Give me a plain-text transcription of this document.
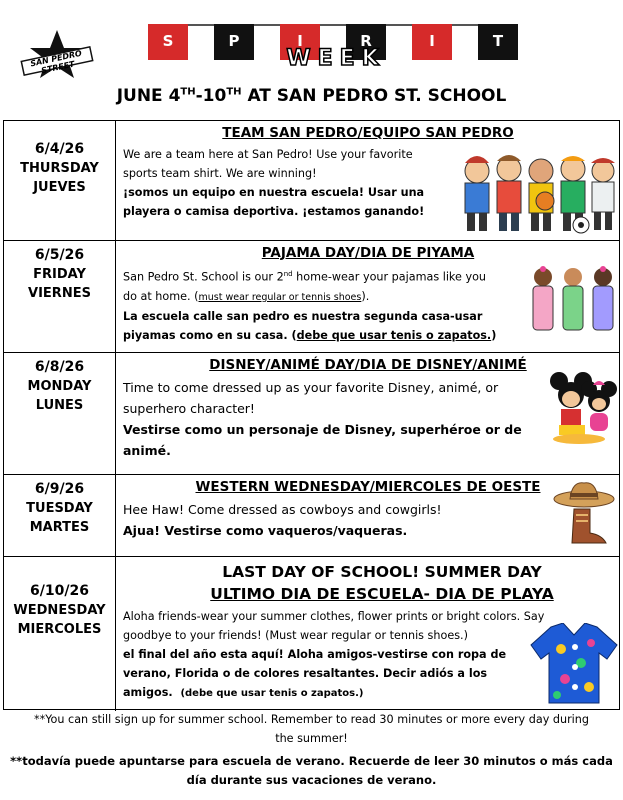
SAN PEDRO STREET
S	P	I	R	I	T
WEEK
JUNE 4TH-10TH AT SAN PEDRO ST. SCHOOL
6/4/26
THURSDAY
JUEVES
TEAM SAN PEDRO/EQUIPO SAN PEDRO
We are a team here at San Pedro! Use your favorite
sports team shirt. We are winning!
¡somos un equipo en nuestra escuela! Usar una
playera o camisa deportiva. ¡estamos ganando!
6/5/26
FRIDAY
VIERNES
PAJAMA DAY/DIA DE PIYAMA
San Pedro St. School is our 2nd home-wear your pajamas like you
do at home. (must wear regular or tennis shoes).
La escuela calle san pedro es nuestra segunda casa-usar
piyamas como en su casa. (debe que usar tenis o zapatos.)
6/8/26
MONDAY
LUNES
DISNEY/ANIMÉ DAY/DIA DE DISNEY/ANIMÉ
Time to come dressed up as your favorite Disney, animé, or
superhero character!
Vestirse como un personaje de Disney, superhéroe or de
animé.
6/9/26
TUESDAY
MARTES
WESTERN WEDNESDAY/MIERCOLES DE OESTE
Hee Haw! Come dressed as cowboys and cowgirls!
Ajua! Vestirse como vaqueros/vaqueras.
6/10/26
WEDNESDAY
MIERCOLES
LAST DAY OF SCHOOL! SUMMER DAY
ULTIMO DIA DE ESCUELA- DIA DE PLAYA
Aloha friends-wear your summer clothes, flower prints or bright colors. Say
goodbye to your friends! (Must wear regular or tennis shoes.)
el final del año esta aquí! Aloha amigos-vestirse con ropa de
verano, Florida o de colores resaltantes. Decir adiós a los
amigos. (debe que usar tenis o zapatos.)
**You can still sign up for summer school. Remember to read 30 minutes or more every day during
the summer!
**todavía puede apuntarse para escuela de verano. Recuerde de leer 30 minutos o más cada
día durante sus vacaciones de verano.
